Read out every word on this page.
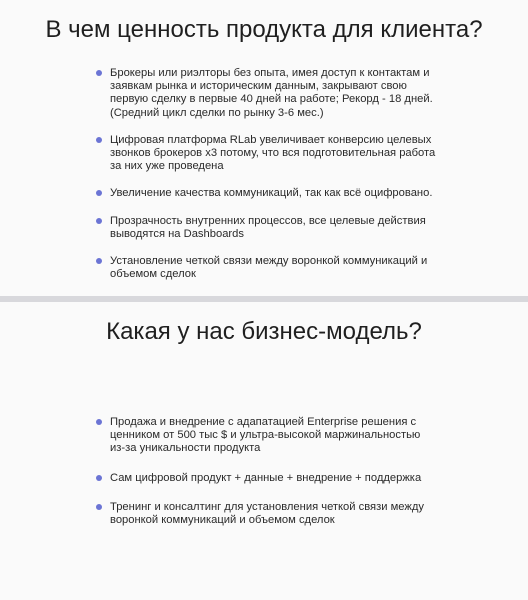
В чем ценность продукта для клиента?
Брокеры или риэлторы без опыта, имея доступ к контактам и заявкам рынка и историческим данным, закрывают свою первую сделку в первые 40 дней на работе; Рекорд - 18 дней. (Средний цикл сделки по рынку 3-6 мес.)
Цифровая платформа RLab увеличивает конверсию целевых звонков брокеров x3 потому, что вся подготовительная работа за них уже проведена
Увеличение качества коммуникаций, так как всё оцифровано.
Прозрачность внутренних процессов, все целевые действия выводятся на Dashboards
Установление четкой связи между воронкой коммуникаций и объемом сделок
Какая у нас бизнес-модель?
Продажа и внедрение с адапатацией Enterprise решения с ценником от 500 тыс $ и ультра-высокой маржинальностью из-за уникальности продукта
Сам цифровой продукт + данные + внедрение + поддержка
Тренинг и консалтинг для установления четкой связи между воронкой коммуникаций и объемом сделок
